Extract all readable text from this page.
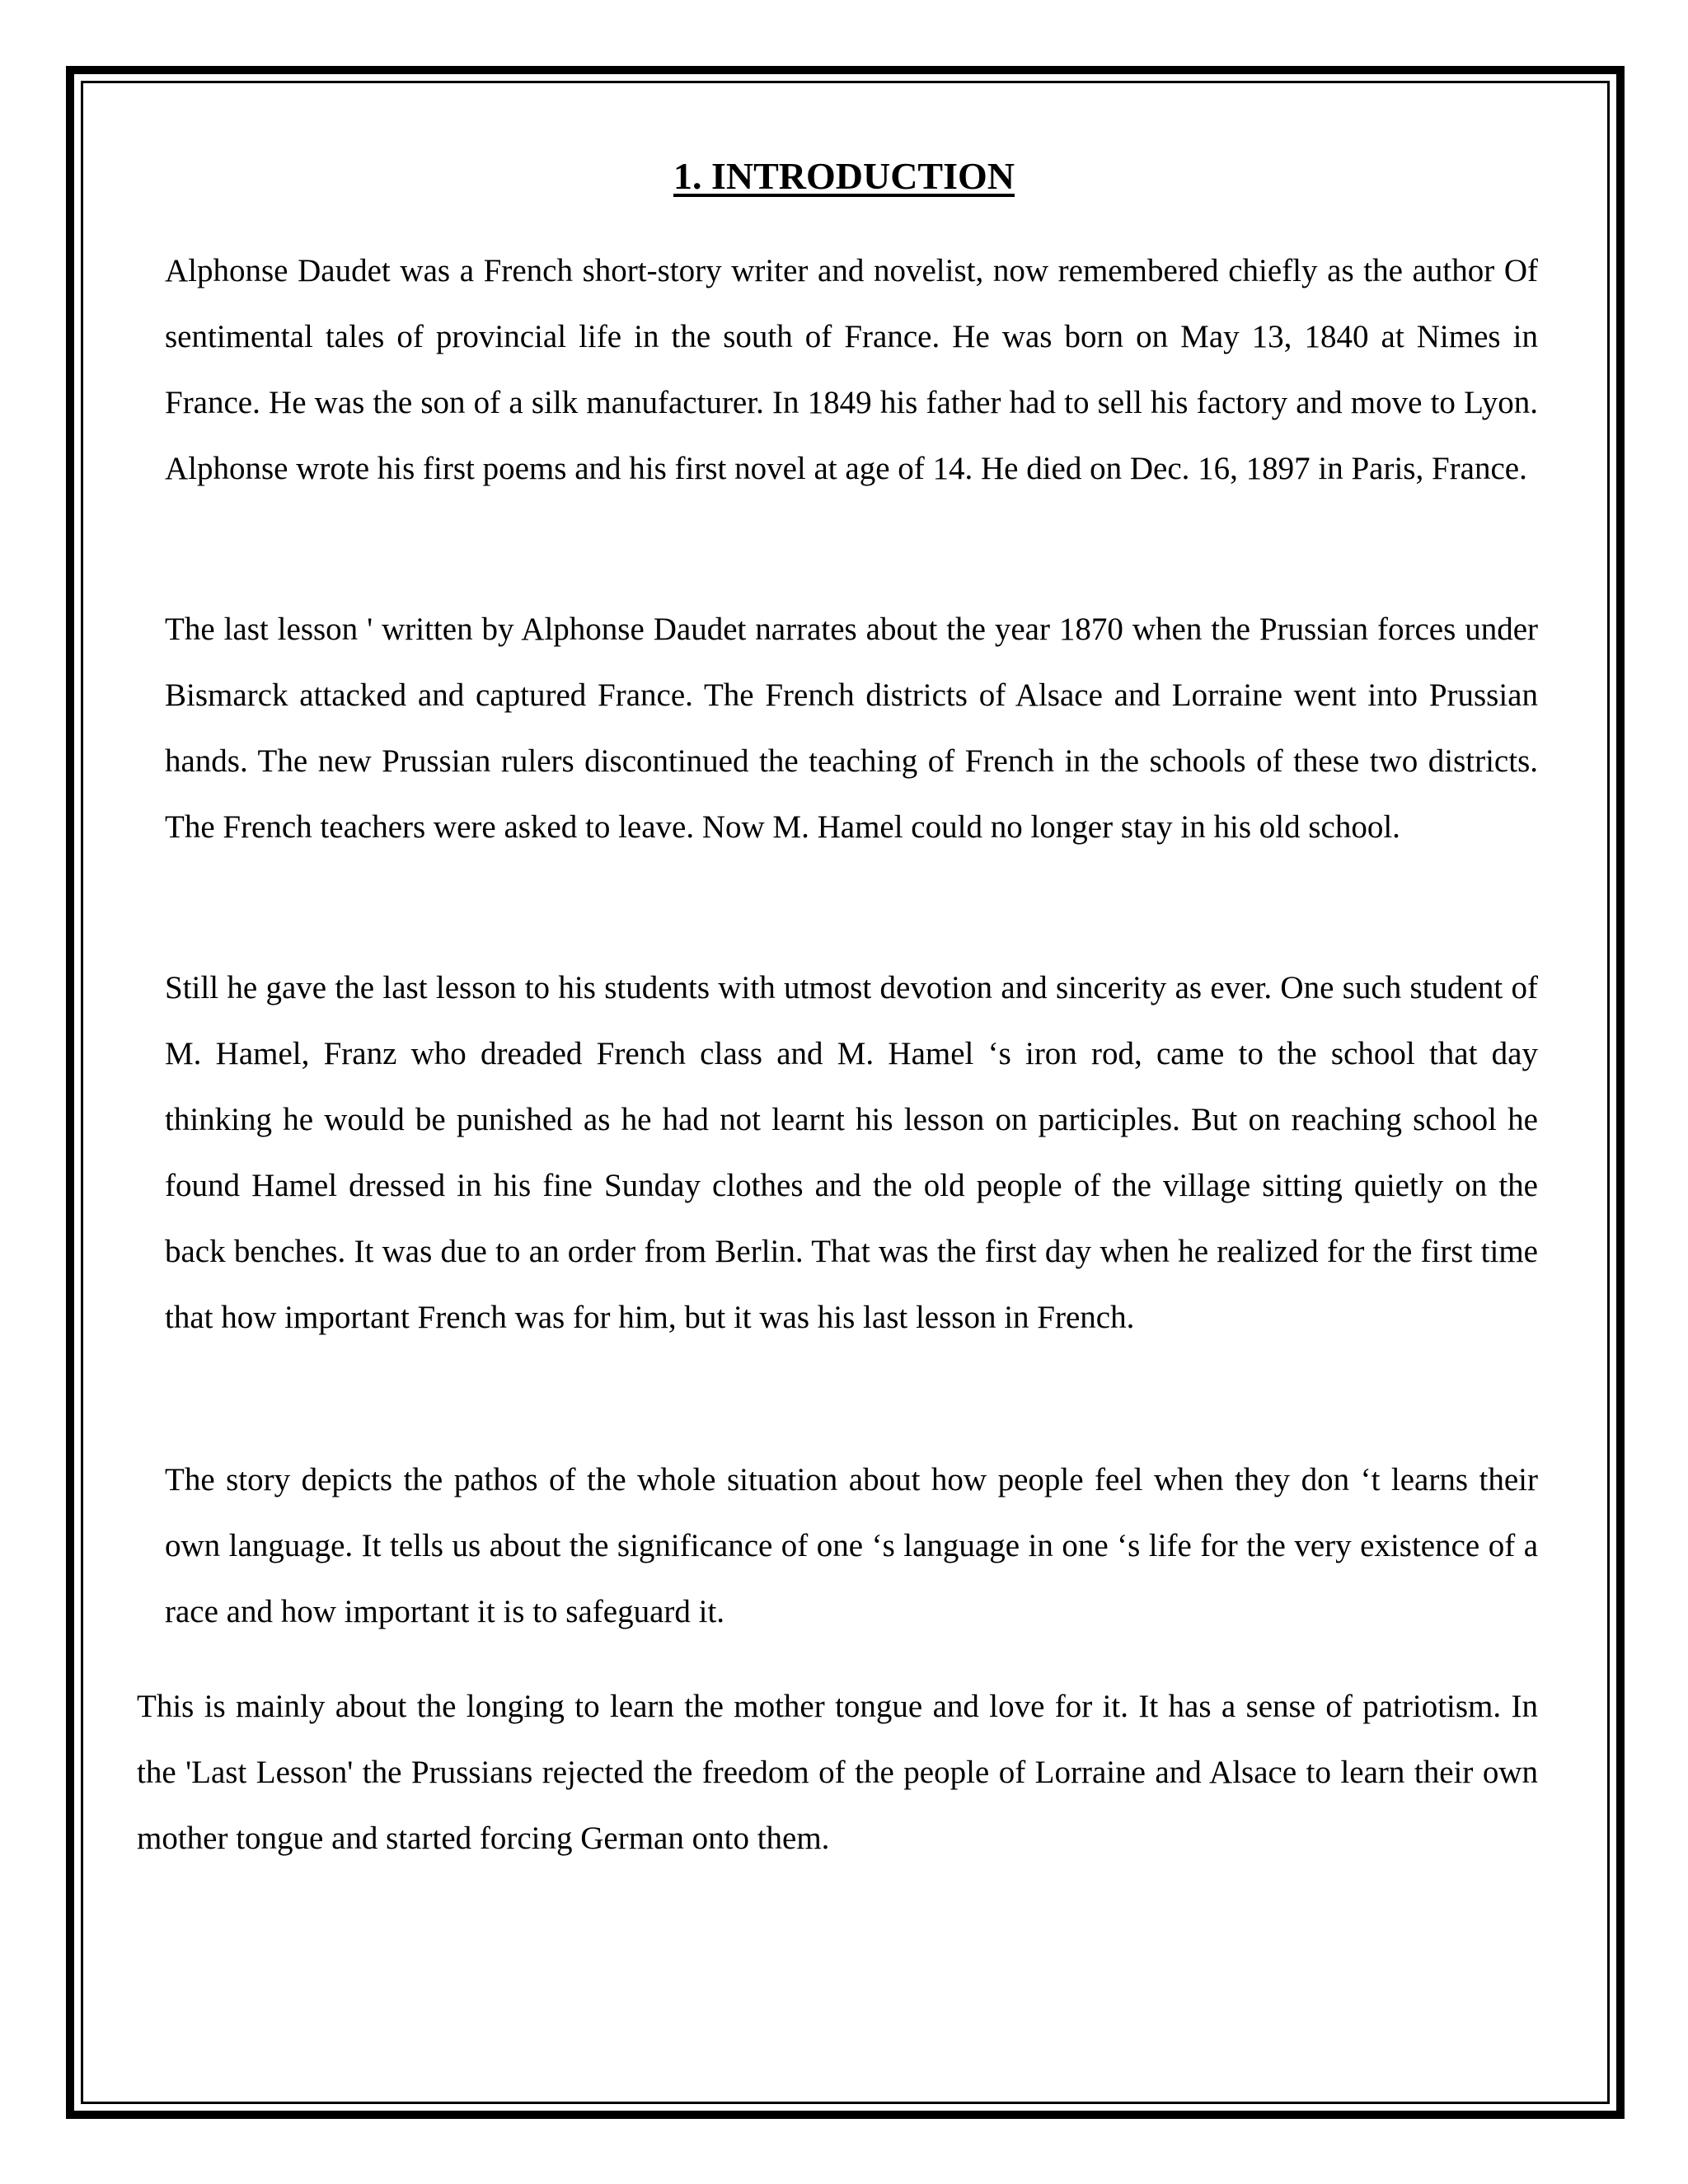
1. INTRODUCTION

Alphonse Daudet was a French short-story writer and novelist, now remembered chiefly as the author Of sentimental tales of provincial life in the south of France. He was born on May 13, 1840 at Nimes in France. He was the son of a silk manufacturer. In 1849 his father had to sell his factory and move to Lyon. Alphonse wrote his first poems and his first novel at age of 14. He died on Dec. 16, 1897 in Paris, France.

The last lesson ' written by Alphonse Daudet narrates about the year 1870 when the Prussian forces under Bismarck attacked and captured France. The French districts of Alsace and Lorraine went into Prussian hands. The new Prussian rulers discontinued the teaching of French in the schools of these two districts. The French teachers were asked to leave. Now M. Hamel could no longer stay in his old school.

Still he gave the last lesson to his students with utmost devotion and sincerity as ever. One such student of M. Hamel, Franz who dreaded French class and M. Hamel ‘s iron rod, came to the school that day thinking he would be punished as he had not learnt his lesson on participles. But on reaching school he found Hamel dressed in his fine Sunday clothes and the old people of the village sitting quietly on the back benches. It was due to an order from Berlin. That was the first day when he realized for the first time that how important French was for him, but it was his last lesson in French.

The story depicts the pathos of the whole situation about how people feel when they don ‘t learns their own language. It tells us about the significance of one ‘s language in one ‘s life for the very existence of a race and how important it is to safeguard it.

This is mainly about the longing to learn the mother tongue and love for it. It has a sense of patriotism. In the 'Last Lesson' the Prussians rejected the freedom of the people of Lorraine and Alsace to learn their own mother tongue and started forcing German onto them.
